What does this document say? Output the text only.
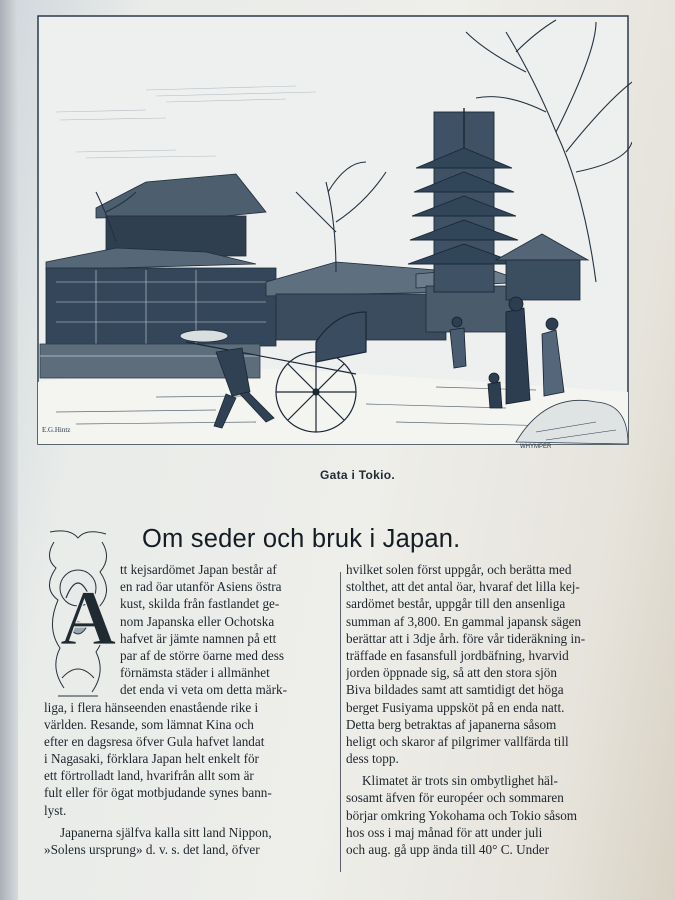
E.G.Hintz
WHYMPER
Gata i Tokio.
Om seder och bruk i Japan.
A
tt kejsardömet Japan består af
en rad öar utanför Asiens östra
kust, skilda från fastlandet ge-
nom Japanska eller Ochotska
hafvet är jämte namnen på ett
par af de större öarne med dess
förnämsta städer i allmänhet
det enda vi veta om detta märk-
liga, i flera hänseenden enastående rike i
världen. Resande, som lämnat Kina och
efter en dagsresa öfver Gula hafvet landat
i Nagasaki, förklara Japan helt enkelt för
ett förtrolladt land, hvarifrån allt som är
fult eller för ögat motbjudande synes bann-
lyst.
Japanerna själfva kalla sitt land Nippon,
»Solens ursprung» d. v. s. det land, öfver
hvilket solen först uppgår, och berätta med
stolthet, att det antal öar, hvaraf det lilla kej-
sardömet består, uppgår till den ansenliga
summan af 3,800. En gammal japansk sägen
berättar att i 3dje årh. före vår tideräkning in-
träffade en fasansfull jordbäfning, hvarvid
jorden öppnade sig, så att den stora sjön
Biva bildades samt att samtidigt det höga
berget Fusiyama uppsköt på en enda natt.
Detta berg betraktas af japanerna såsom
heligt och skaror af pilgrimer vallfärda till
dess topp.
Klimatet är trots sin ombytlighet häl-
sosamt äfven för européer och sommaren
börjar omkring Yokohama och Tokio såsom
hos oss i maj månad för att under juli
och aug. gå upp ända till 40° C. Under
